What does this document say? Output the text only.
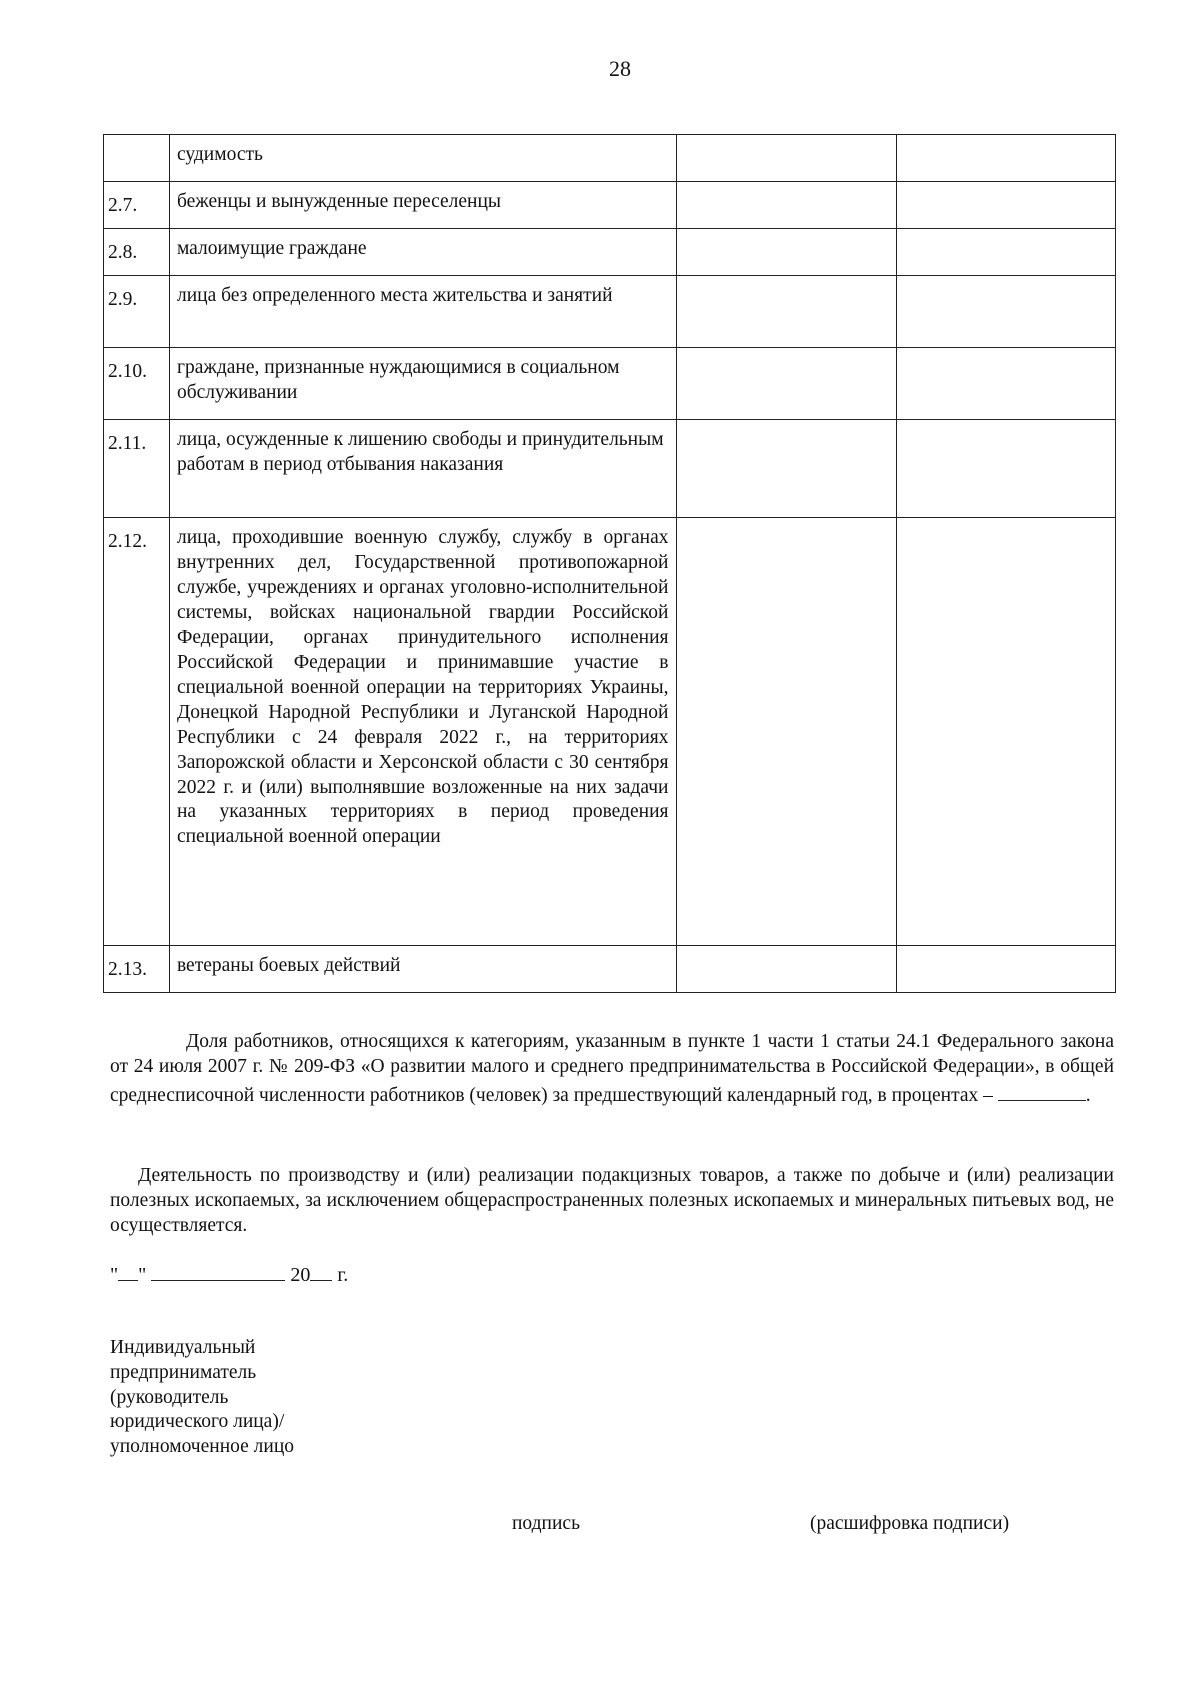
28
	судимость		
2.7.	беженцы и вынужденные переселенцы		
2.8.	малоимущие граждане		
2.9.	лица без определенного места жительства и занятий		
2.10.	граждане, признанные нуждающимися в социальном обслуживании		
2.11.	лица, осужденные к лишению свободы и принудительным работам в период отбывания наказания		
2.12.	лица, проходившие военную службу, службу в органах внутренних дел, Государственной противопожарной службе, учреждениях и органах уголовно-исполнительной системы, войсках национальной гвардии Российской Федерации, органах принудительного исполнения Российской Федерации и принимавшие участие в специальной военной операции на территориях Украины, Донецкой Народной Республики и Луганской Народной Республики с 24 февраля 2022 г., на территориях Запорожской области и Херсонской области с 30 сентября 2022 г. и (или) выполнявшие возложенные на них задачи на указанных территориях в период проведения специальной военной операции		
2.13.	ветераны боевых действий		
Доля работников, относящихся к категориям, указанным в пункте 1 части 1 статьи 24.1 Федерального закона от 24 июля 2007 г. № 209-ФЗ «О развитии малого и среднего предпринимательства в Российской Федерации», в общей среднесписочной численности работников (человек) за предшествующий календарный год, в процентах –	.
Деятельность по производству и (или) реализации подакцизных товаров, а также по добыче и (или) реализации полезных ископаемых, за исключением общераспространенных полезных ископаемых и минеральных питьевых вод, не осуществляется.
" "	20 г.
Индивидуальный предприниматель (руководитель юридического лица)/уполномоченное лицо
подпись	(расшифровка подписи)
